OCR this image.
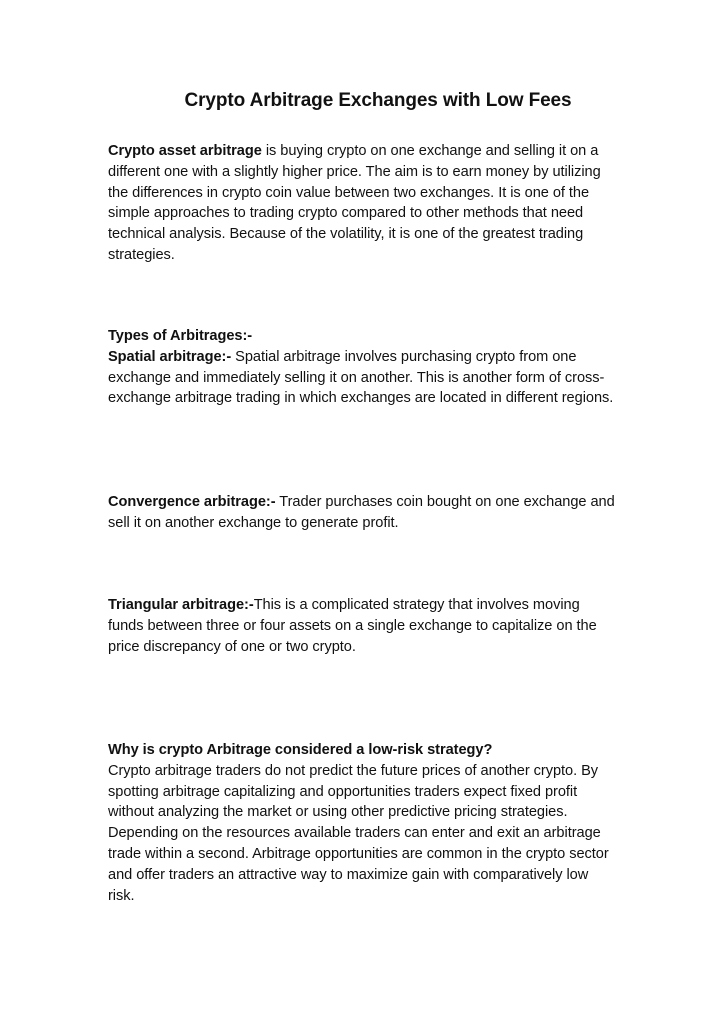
Crypto Arbitrage Exchanges with Low Fees

Crypto asset arbitrage is buying crypto on one exchange and selling it on a different one with a slightly higher price. The aim is to earn money by utilizing the differences in crypto coin value between two exchanges. It is one of the simple approaches to trading crypto compared to other methods that need technical analysis. Because of the volatility, it is one of the greatest trading strategies.

Types of Arbitrages:-

Spatial arbitrage:- Spatial arbitrage involves purchasing crypto from one exchange and immediately selling it on another. This is another form of cross-exchange arbitrage trading in which exchanges are located in different regions.

Convergence arbitrage:- Trader purchases coin bought on one exchange and sell it on another exchange to generate profit.

Triangular arbitrage:-This is a complicated strategy that involves moving funds between three or four assets on a single exchange to capitalize on the price discrepancy of one or two crypto.

Why is crypto Arbitrage considered a low-risk strategy?

Crypto arbitrage traders do not predict the future prices of another crypto. By spotting arbitrage capitalizing and opportunities traders expect fixed profit without analyzing the market or using other predictive pricing strategies. Depending on the resources available traders can enter and exit an arbitrage trade within a second. Arbitrage opportunities are common in the crypto sector and offer traders an attractive way to maximize gain with comparatively low risk.
